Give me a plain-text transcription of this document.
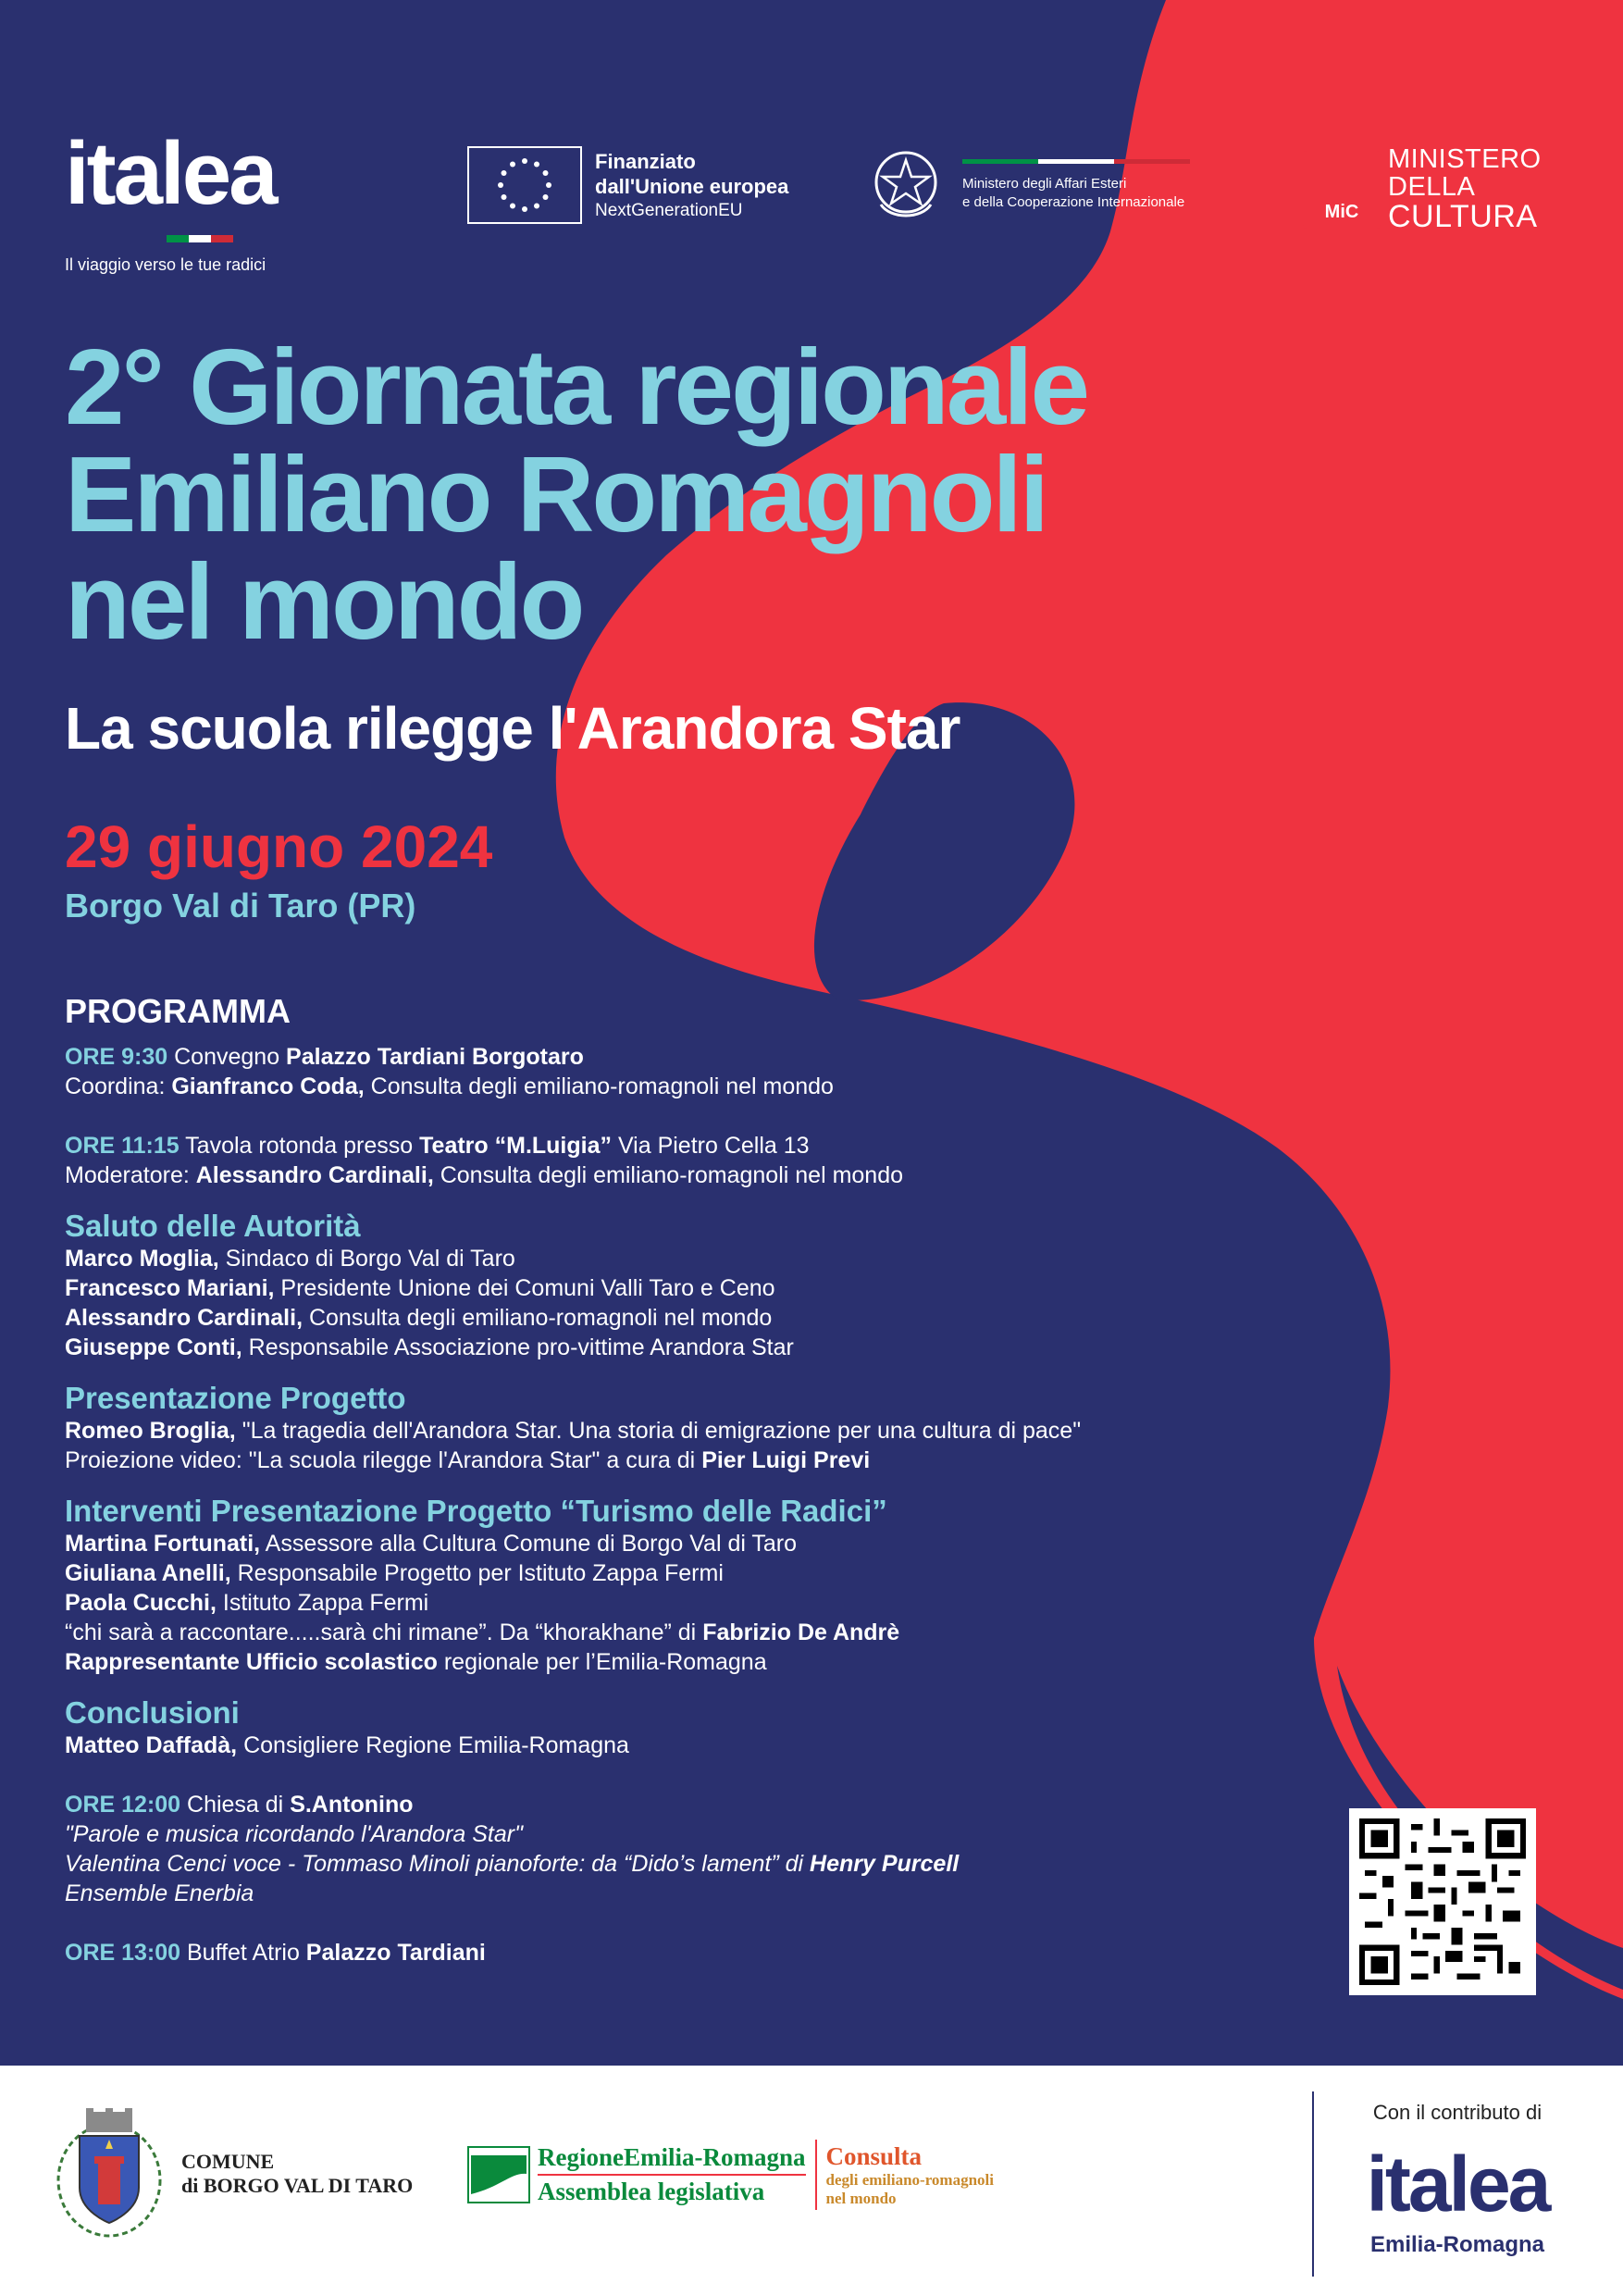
italea
Il viaggio verso le tue radici
Finanziato
dall'Unione europea
NextGenerationEU
Ministero degli Affari Esteri
e della Cooperazione Internazionale	MiC
MINISTERO
DELLA
CULTURA
2° Giornata regionale
Emiliano Romagnoli
nel mondo
La scuola rilegge l'Arandora Star
29 giugno 2024
Borgo Val di Taro (PR)
PROGRAMMA
ORE 9:30 Convegno Palazzo Tardiani Borgotaro
Coordina: Gianfranco Coda, Consulta degli emiliano-romagnoli nel mondo
ORE 11:15 Tavola rotonda presso Teatro “M.Luigia” Via Pietro Cella 13
Moderatore: Alessandro Cardinali, Consulta degli emiliano-romagnoli nel mondo
Saluto delle Autorità
Marco Moglia, Sindaco di Borgo Val di Taro
Francesco Mariani, Presidente Unione dei Comuni Valli Taro e Ceno
Alessandro Cardinali, Consulta degli emiliano-romagnoli nel mondo
Giuseppe Conti, Responsabile Associazione pro-vittime Arandora Star
Presentazione Progetto
Romeo Broglia, "La tragedia dell'Arandora Star. Una storia di emigrazione per una cultura di pace"
Proiezione video: "La scuola rilegge l'Arandora Star" a cura di Pier Luigi Previ
Interventi Presentazione Progetto “Turismo delle Radici”
Martina Fortunati, Assessore alla Cultura Comune di Borgo Val di Taro
Giuliana Anelli, Responsabile Progetto per Istituto Zappa Fermi
Paola Cucchi, Istituto Zappa Fermi
“chi sarà a raccontare.....sarà chi rimane”. Da “khorakhane” di Fabrizio De Andrè
Rappresentante Ufficio scolastico regionale per l’Emilia-Romagna
Conclusioni
Matteo Daffadà, Consigliere Regione Emilia-Romagna
ORE 12:00 Chiesa di S.Antonino
"Parole e musica ricordando l'Arandora Star"
Valentina Cenci voce - Tommaso Minoli pianoforte: da “Dido’s lament” di Henry Purcell
Ensemble Enerbia
ORE 13:00 Buffet Atrio Palazzo Tardiani
COMUNE
di BORGO VAL DI TARO
RegioneEmilia-Romagna
Assemblea legislativa
Consulta
degli emiliano-romagnoli
nel mondo
Con il contributo di
italea
Emilia-Romagna
